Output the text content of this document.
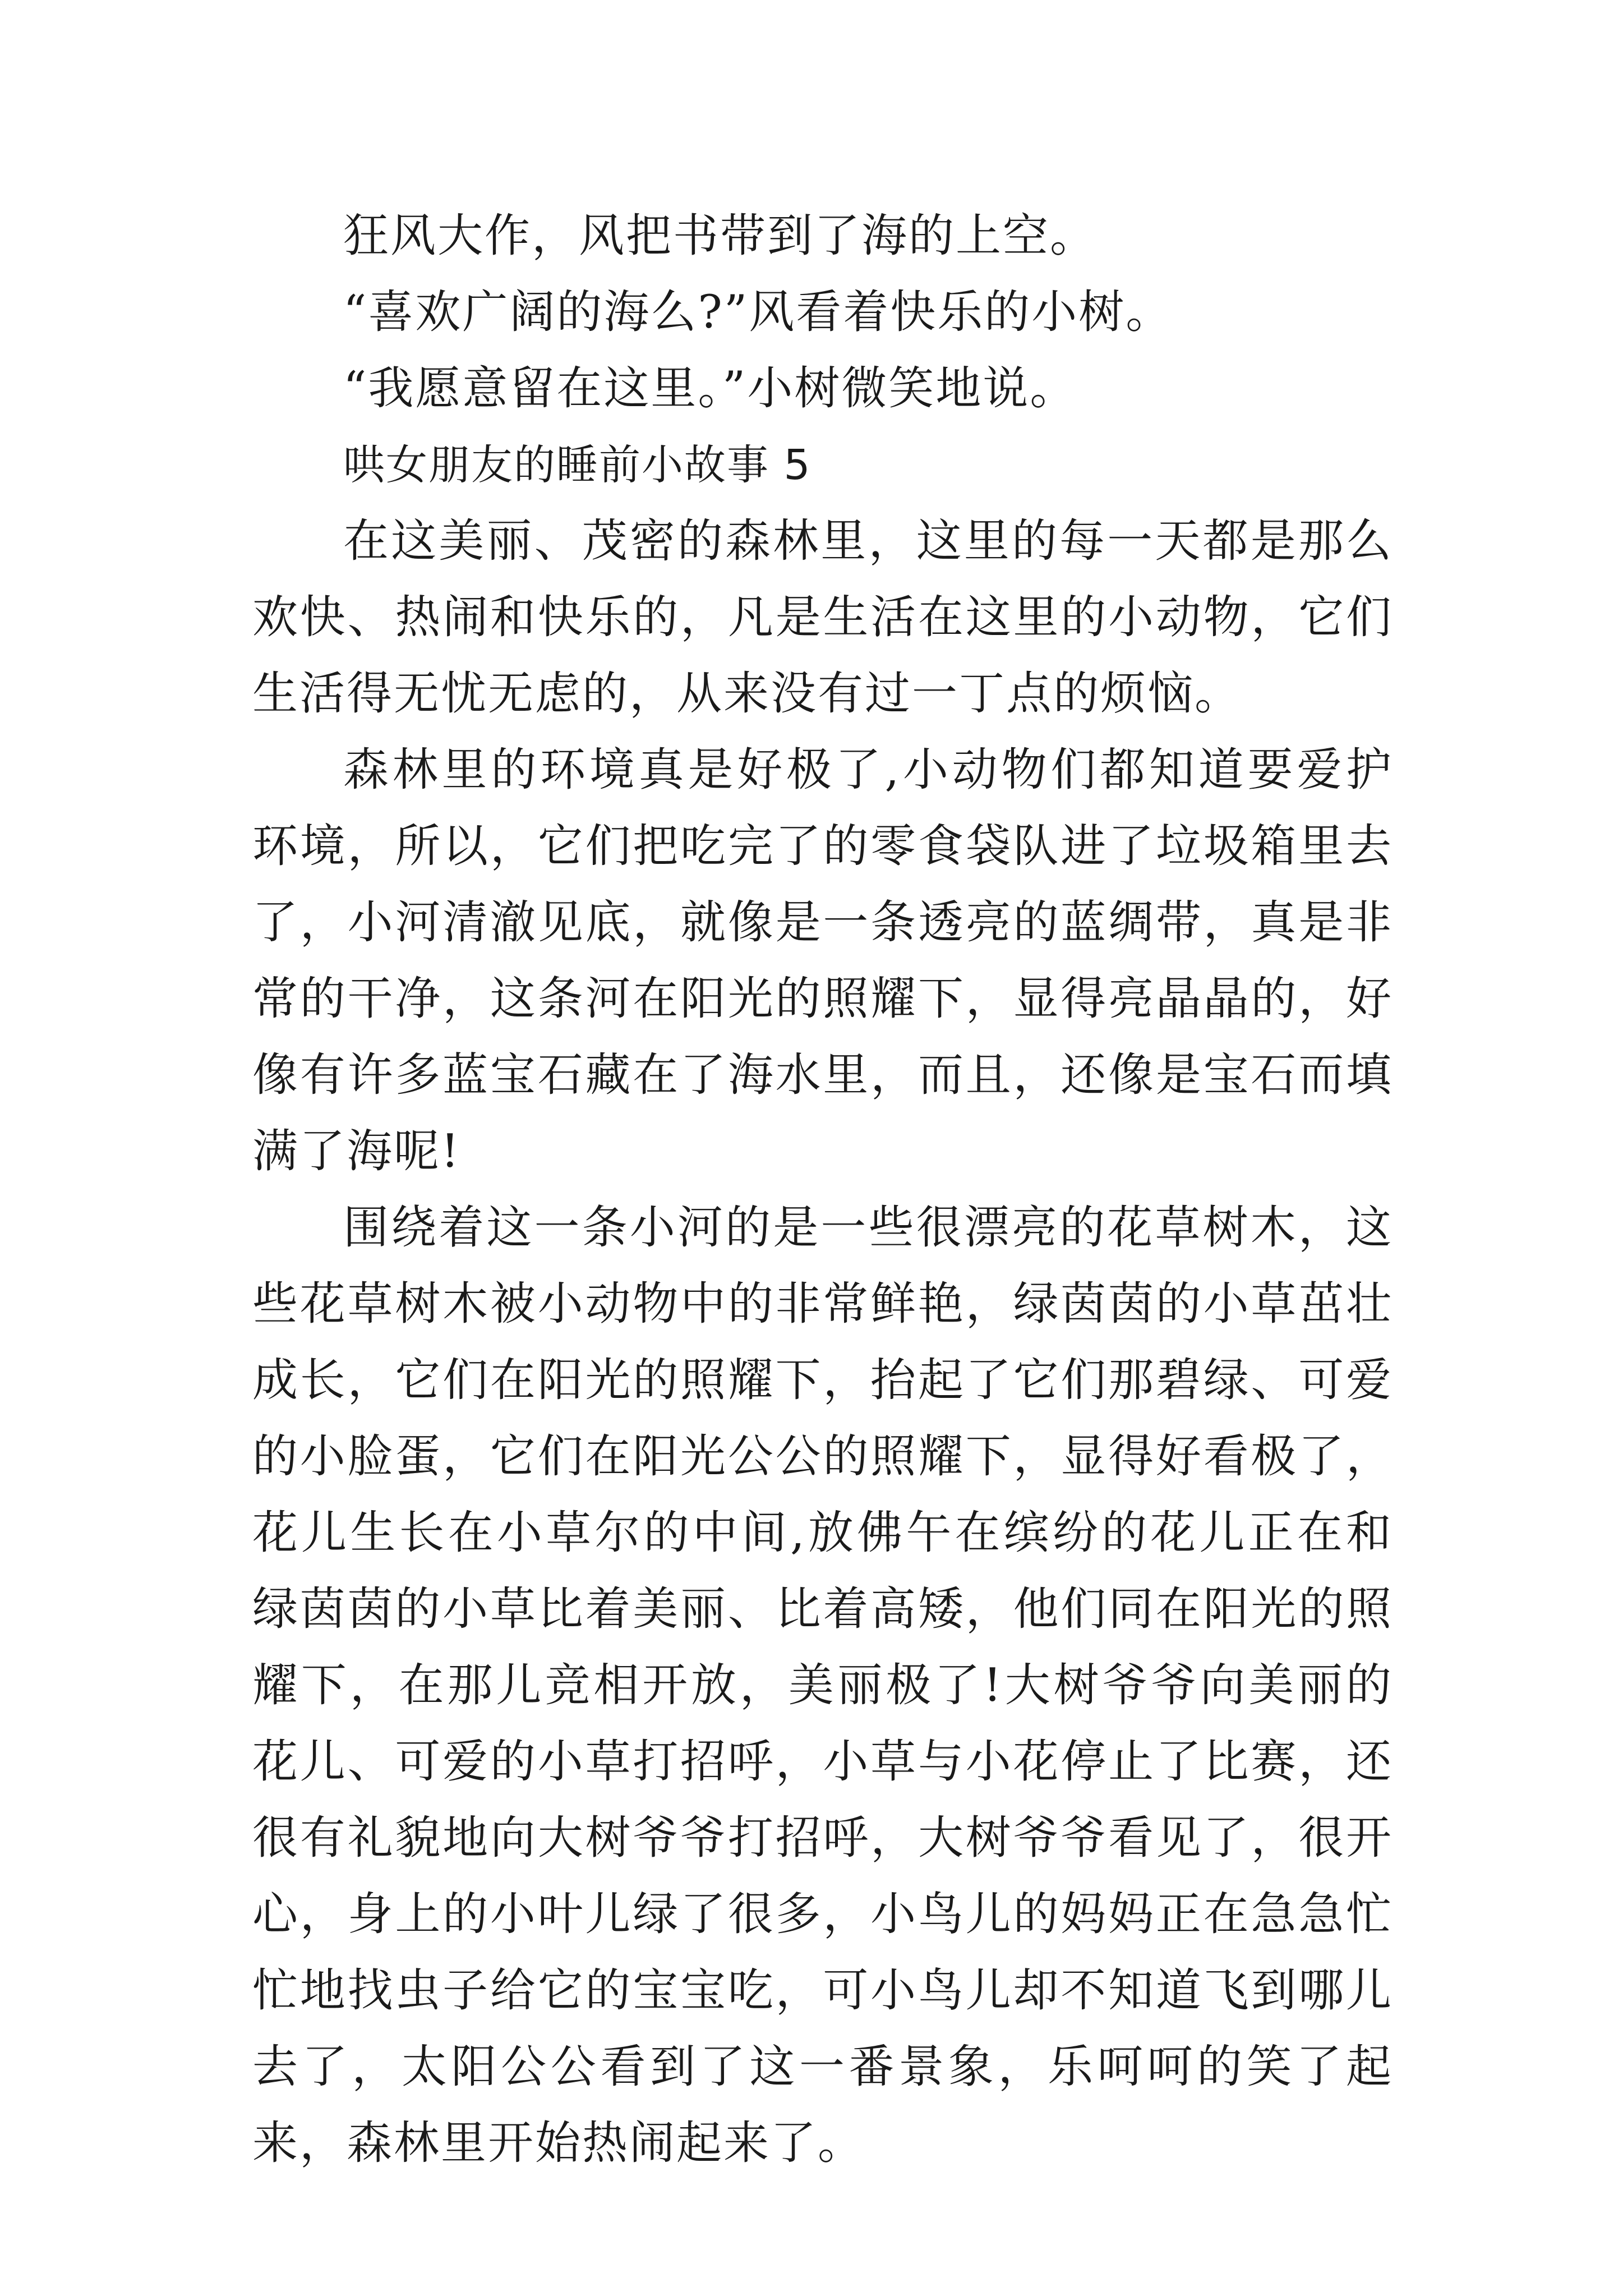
狂风大作，风把书带到了海的上空。

“喜欢广阔的海么?”风看着快乐的小树。

“我愿意留在这里。”小树微笑地说。

哄女朋友的睡前小故事 5

在这美丽、茂密的森林里，这里的每一天都是那么欢快、热闹和快乐的，凡是生活在这里的小动物，它们生活得无忧无虑的，从来没有过一丁点的烦恼。

森林里的环境真是好极了,小动物们都知道要爱护环境，所以，它们把吃完了的零食袋队进了垃圾箱里去了，小河清澈见底，就像是一条透亮的蓝绸带，真是非常的干净，这条河在阳光的照耀下，显得亮晶晶的，好像有许多蓝宝石藏在了海水里，而且，还像是宝石而填满了海呢!

围绕着这一条小河的是一些很漂亮的花草树木，这些花草树木被小动物中的非常鲜艳，绿茵茵的小草茁壮成长，它们在阳光的照耀下，抬起了它们那碧绿、可爱的小脸蛋，它们在阳光公公的照耀下，显得好看极了，花儿生长在小草尔的中间,放佛午在缤纷的花儿正在和绿茵茵的小草比着美丽、比着高矮，他们同在阳光的照耀下，在那儿竞相开放，美丽极了!大树爷爷向美丽的花儿、可爱的小草打招呼，小草与小花停止了比赛，还很有礼貌地向大树爷爷打招呼，大树爷爷看见了，很开心，身上的小叶儿绿了很多，小鸟儿的妈妈正在急急忙忙地找虫子给它的宝宝吃，可小鸟儿却不知道飞到哪儿去了，太阳公公看到了这一番景象，乐呵呵的笑了起来，森林里开始热闹起来了。
